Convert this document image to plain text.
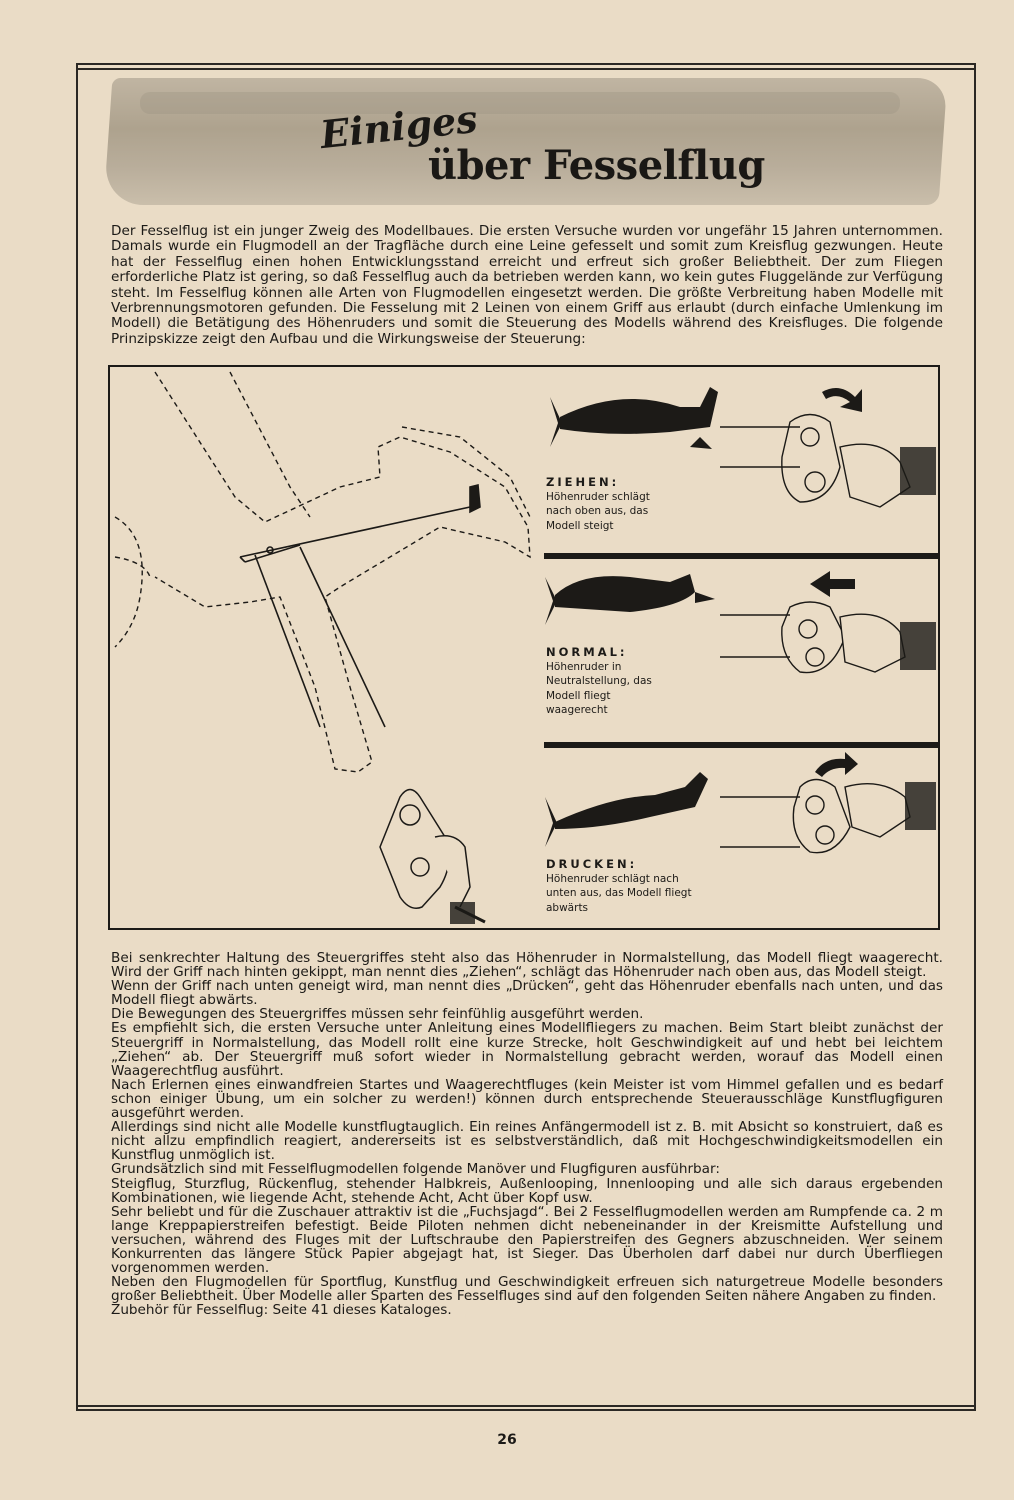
Einiges
über Fesselflug

Der Fesselflug ist ein junger Zweig des Modellbaues. Die ersten Versuche wurden vor ungefähr 15 Jahren unternommen. Damals wurde ein Flugmodell an der Tragfläche durch eine Leine gefesselt und somit zum Kreisflug gezwungen. Heute hat der Fesselflug einen hohen Entwicklungsstand erreicht und erfreut sich großer Beliebtheit. Der zum Fliegen erforderliche Platz ist gering, so daß Fesselflug auch da betrieben werden kann, wo kein gutes Fluggelände zur Verfügung steht. Im Fesselflug können alle Arten von Flugmodellen eingesetzt werden. Die größte Verbreitung haben Modelle mit Verbrennungsmotoren gefunden. Die Fesselung mit 2 Leinen von einem Griff aus erlaubt (durch einfache Umlenkung im Modell) die Betätigung des Höhenruders und somit die Steuerung des Modells während des Kreisfluges. Die folgende Prinzipskizze zeigt den Aufbau und die Wirkungsweise der Steuerung:

ZIEHEN:
Höhenruder schlägt nach oben aus, das Modell steigt
NORMAL:
Höhenruder in Neutralstellung, das Modell fliegt waagerecht
DRUCKEN:
Höhenruder schlägt nach unten aus, das Modell fliegt abwärts

Bei senkrechter Haltung des Steuergriffes steht also das Höhenruder in Normalstellung, das Modell fliegt waagerecht. Wird der Griff nach hinten gekippt, man nennt dies „Ziehen“, schlägt das Höhenruder nach oben aus, das Modell steigt.

Wenn der Griff nach unten geneigt wird, man nennt dies „Drücken“, geht das Höhenruder ebenfalls nach unten, und das Modell fliegt abwärts.

Die Bewegungen des Steuergriffes müssen sehr feinfühlig ausgeführt werden.

Es empfiehlt sich, die ersten Versuche unter Anleitung eines Modellfliegers zu machen. Beim Start bleibt zunächst der Steuergriff in Normalstellung, das Modell rollt eine kurze Strecke, holt Geschwindigkeit auf und hebt bei leichtem „Ziehen“ ab. Der Steuergriff muß sofort wieder in Normalstellung gebracht werden, worauf das Modell einen Waagerechtflug ausführt.

Nach Erlernen eines einwandfreien Startes und Waagerechtfluges (kein Meister ist vom Himmel gefallen und es bedarf schon einiger Übung, um ein solcher zu werden!) können durch entsprechende Steuerausschläge Kunstflugfiguren ausgeführt werden.

Allerdings sind nicht alle Modelle kunstflugtauglich. Ein reines Anfängermodell ist z. B. mit Absicht so konstruiert, daß es nicht allzu empfindlich reagiert, andererseits ist es selbstverständlich, daß mit Hochgeschwindigkeitsmodellen ein Kunstflug unmöglich ist.

Grundsätzlich sind mit Fesselflugmodellen folgende Manöver und Flugfiguren ausführbar:

Steigflug, Sturzflug, Rückenflug, stehender Halbkreis, Außenlooping, Innenlooping und alle sich daraus ergebenden Kombinationen, wie liegende Acht, stehende Acht, Acht über Kopf usw.

Sehr beliebt und für die Zuschauer attraktiv ist die „Fuchsjagd“. Bei 2 Fesselflugmodellen werden am Rumpfende ca. 2 m lange Kreppapierstreifen befestigt. Beide Piloten nehmen dicht nebeneinander in der Kreismitte Aufstellung und versuchen, während des Fluges mit der Luftschraube den Papierstreifen des Gegners abzuschneiden. Wer seinem Konkurrenten das längere Stück Papier abgejagt hat, ist Sieger. Das Überholen darf dabei nur durch Überfliegen vorgenommen werden.

Neben den Flugmodellen für Sportflug, Kunstflug und Geschwindigkeit erfreuen sich naturgetreue Modelle besonders großer Beliebtheit. Über Modelle aller Sparten des Fesselfluges sind auf den folgenden Seiten nähere Angaben zu finden.

Zubehör für Fesselflug: Seite 41 dieses Kataloges.

26
